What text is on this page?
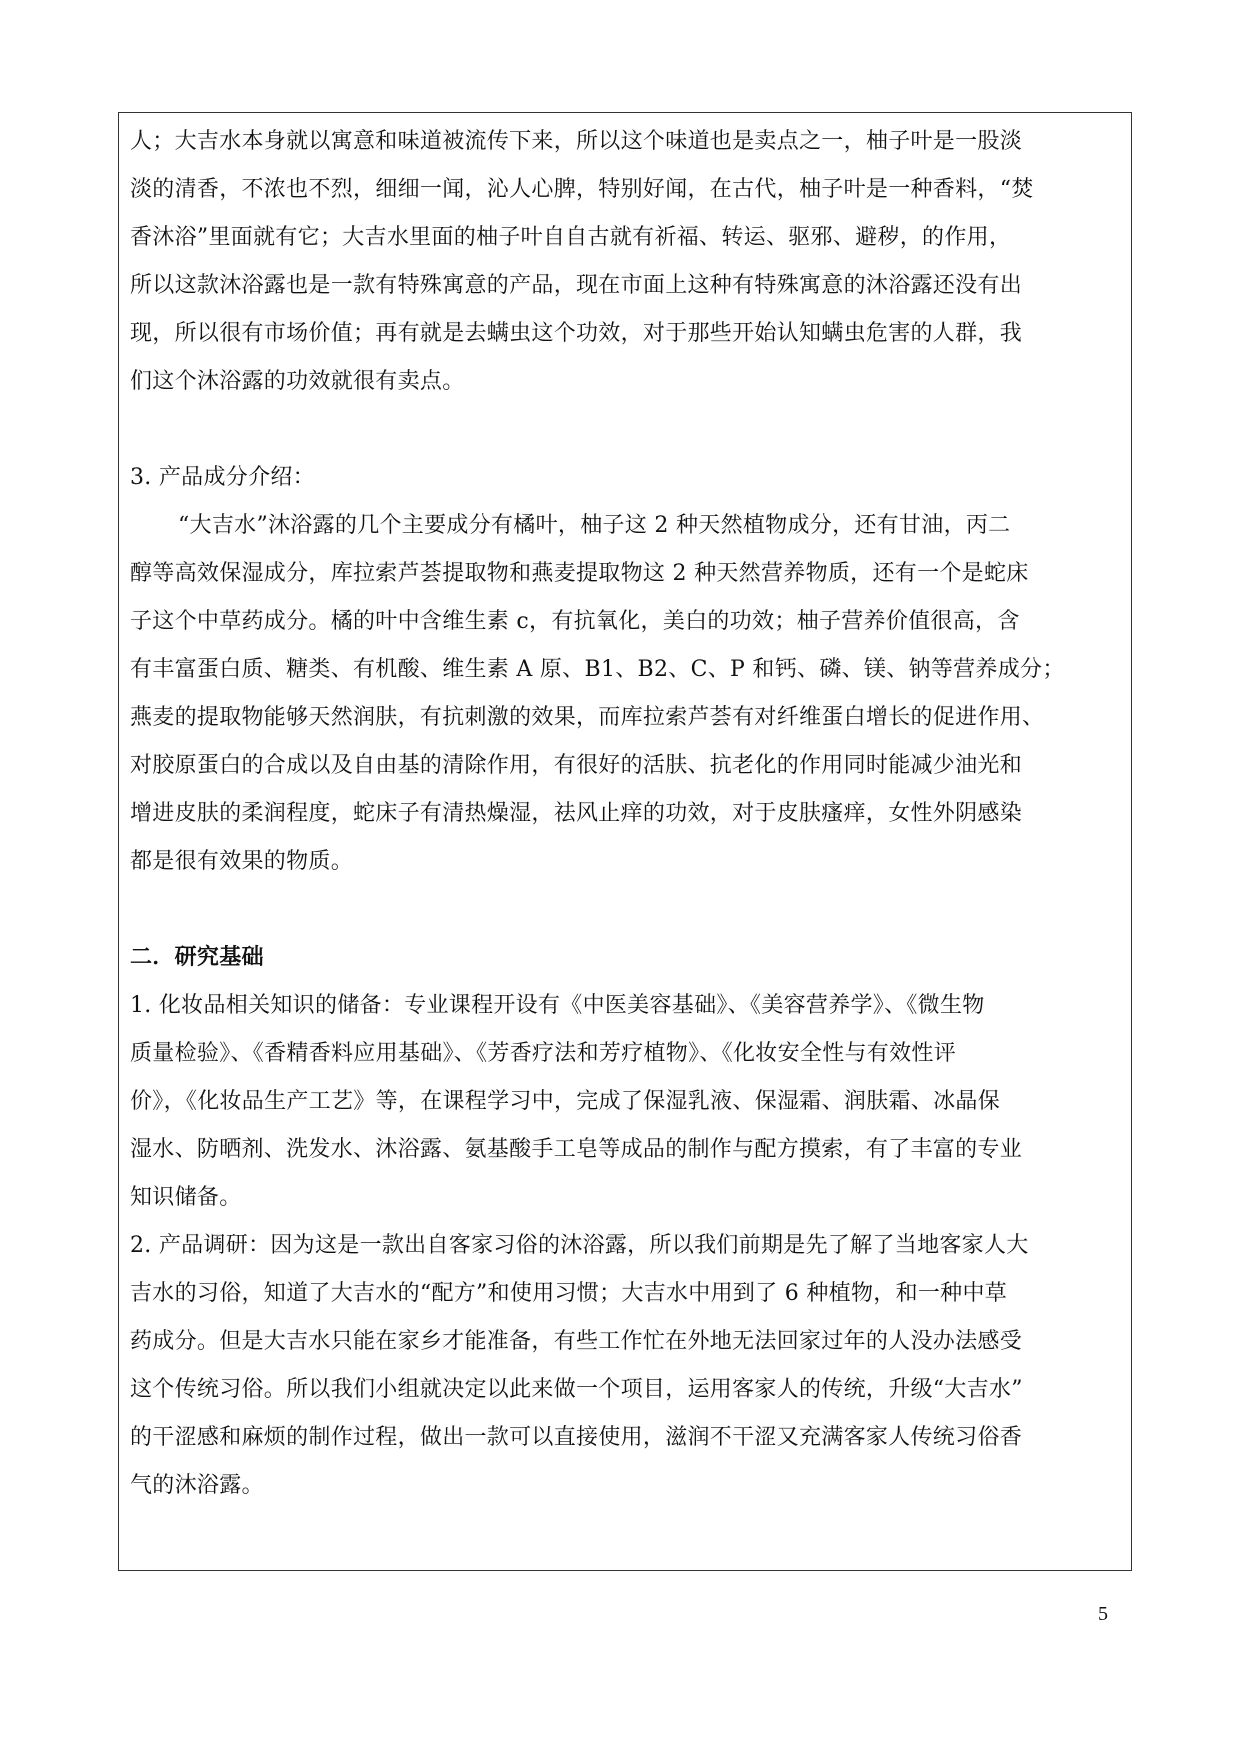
人；大吉水本身就以寓意和味道被流传下来，所以这个味道也是卖点之一，柚子叶是一股淡
淡的清香，不浓也不烈，细细一闻，沁人心脾，特别好闻，在古代，柚子叶是一种香料，“焚
香沐浴”里面就有它；大吉水里面的柚子叶自自古就有祈福、转运、驱邪、避秽，的作用，
所以这款沐浴露也是一款有特殊寓意的产品，现在市面上这种有特殊寓意的沐浴露还没有出
现，所以很有市场价值；再有就是去螨虫这个功效，对于那些开始认知螨虫危害的人群，我
们这个沐浴露的功效就很有卖点。
3. 产品成分介绍：
“大吉水”沐浴露的几个主要成分有橘叶，柚子这 2 种天然植物成分，还有甘油，丙二
醇等高效保湿成分，库拉索芦荟提取物和燕麦提取物这 2 种天然营养物质，还有一个是蛇床
子这个中草药成分。橘的叶中含维生素 c，有抗氧化，美白的功效；柚子营养价值很高，含
有丰富蛋白质、糖类、有机酸、维生素 A 原、B1、B2、C、P 和钙、磷、镁、钠等营养成分；
燕麦的提取物能够天然润肤，有抗刺激的效果，而库拉索芦荟有对纤维蛋白增长的促进作用、
对胶原蛋白的合成以及自由基的清除作用，有很好的活肤、抗老化的作用同时能减少油光和
增进皮肤的柔润程度，蛇床子有清热燥湿，祛风止痒的功效，对于皮肤瘙痒，女性外阴感染
都是很有效果的物质。
二．研究基础
1. 化妆品相关知识的储备：专业课程开设有《中医美容基础》、《美容营养学》、《微生物
质量检验》、《香精香料应用基础》、《芳香疗法和芳疗植物》、《化妆安全性与有效性评
价》，《化妆品生产工艺》等，在课程学习中，完成了保湿乳液、保湿霜、润肤霜、冰晶保
湿水、防晒剂、洗发水、沐浴露、氨基酸手工皂等成品的制作与配方摸索，有了丰富的专业
知识储备。
2. 产品调研：因为这是一款出自客家习俗的沐浴露，所以我们前期是先了解了当地客家人大
吉水的习俗，知道了大吉水的“配方”和使用习惯；大吉水中用到了 6 种植物，和一种中草
药成分。但是大吉水只能在家乡才能准备，有些工作忙在外地无法回家过年的人没办法感受
这个传统习俗。所以我们小组就决定以此来做一个项目，运用客家人的传统，升级“大吉水”
的干涩感和麻烦的制作过程，做出一款可以直接使用，滋润不干涩又充满客家人传统习俗香
气的沐浴露。
5
